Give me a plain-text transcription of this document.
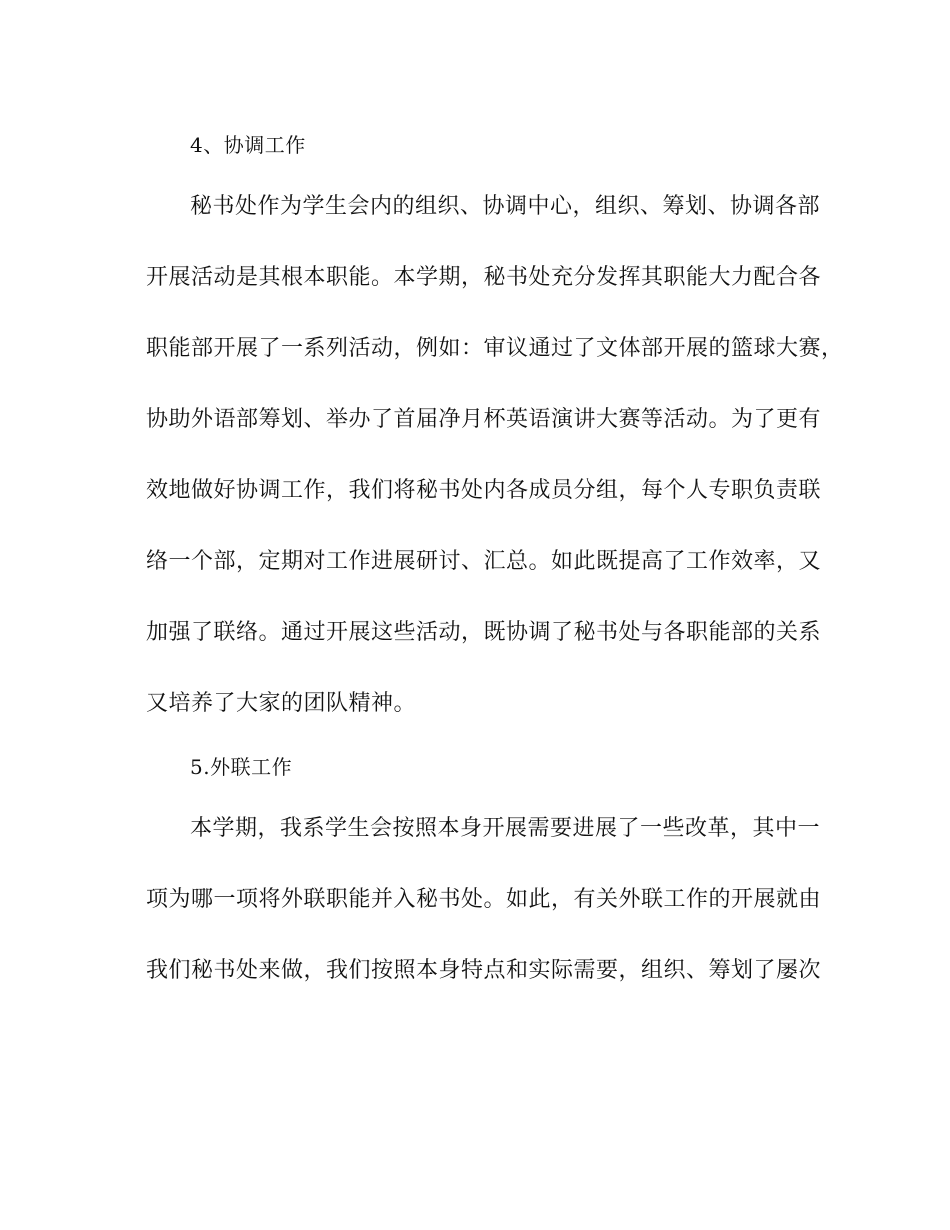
4、协调工作
秘书处作为学生会内的组织、协调中心，组织、筹划、协调各部
开展活动是其根本职能。本学期，秘书处充分发挥其职能大力配合各
职能部开展了一系列活动，例如：审议通过了文体部开展的篮球大赛，
协助外语部筹划、举办了首届净月杯英语演讲大赛等活动。为了更有
效地做好协调工作，我们将秘书处内各成员分组，每个人专职负责联
络一个部，定期对工作进展研讨、汇总。如此既提高了工作效率，又
加强了联络。通过开展这些活动，既协调了秘书处与各职能部的关系
又培养了大家的团队精神。
5.外联工作
本学期，我系学生会按照本身开展需要进展了一些改革，其中一
项为哪一项将外联职能并入秘书处。如此，有关外联工作的开展就由
我们秘书处来做，我们按照本身特点和实际需要，组织、筹划了屡次
